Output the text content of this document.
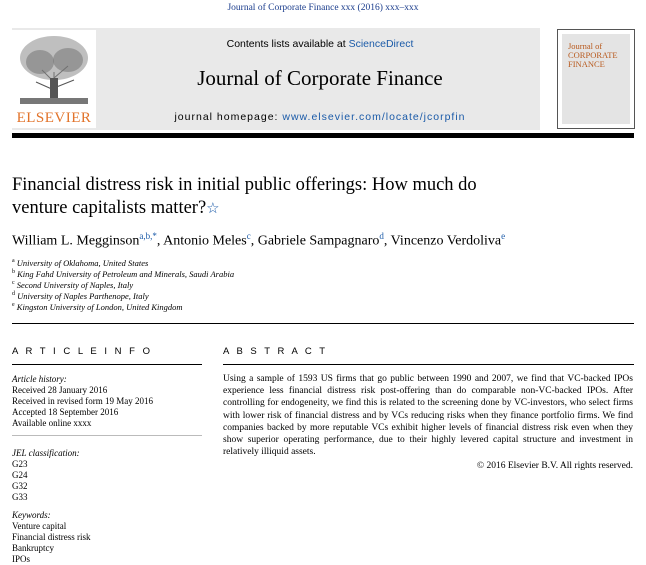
Journal of Corporate Finance xxx (2016) xxx–xxx
ELSEVIER
Contents lists available at ScienceDirect
Journal of Corporate Finance
journal homepage: www.elsevier.com/locate/jcorpfin
Journal of
CORPORATE
FINANCE
Financial distress risk in initial public offerings: How much do
venture capitalists matter?☆
William L. Megginson$^{a,b,*}$, Antonio Meles$^c$, Gabriele Sampagnaro$^d$, Vincenzo Verdoliva$^e$
$^a$ University of Oklahoma, United States
$^b$ King Fahd University of Petroleum and Minerals, Saudi Arabia
$^c$ Second University of Naples, Italy
$^d$ University of Naples Parthenope, Italy
$^e$ Kingston University of London, United Kingdom
A R T I C L E I N F O	A B S T R A C T
Article history:
Received 28 January 2016
Received in revised form 19 May 2016
Accepted 18 September 2016
Available online xxxx
JEL classification:
G23
G24
G32
G33
Keywords:
Venture capital
Financial distress risk
Bankruptcy
IPOs
Using a sample of 1593 US firms that go public between 1990 and 2007, we find that VC-backed IPOs experience less financial distress risk post-offering than do comparable non-VC-backed IPOs. After controlling for endogeneity, we find this is related to the screening done by VC-investors, who select firms with lower risk of financial distress and by VCs reducing risks when they finance portfolio firms. We find companies backed by more reputable VCs exhibit higher levels of financial distress risk even when they show superior operating performance, due to their highly levered capital structure and investment in relatively illiquid assets.
© 2016 Elsevier B.V. All rights reserved.
